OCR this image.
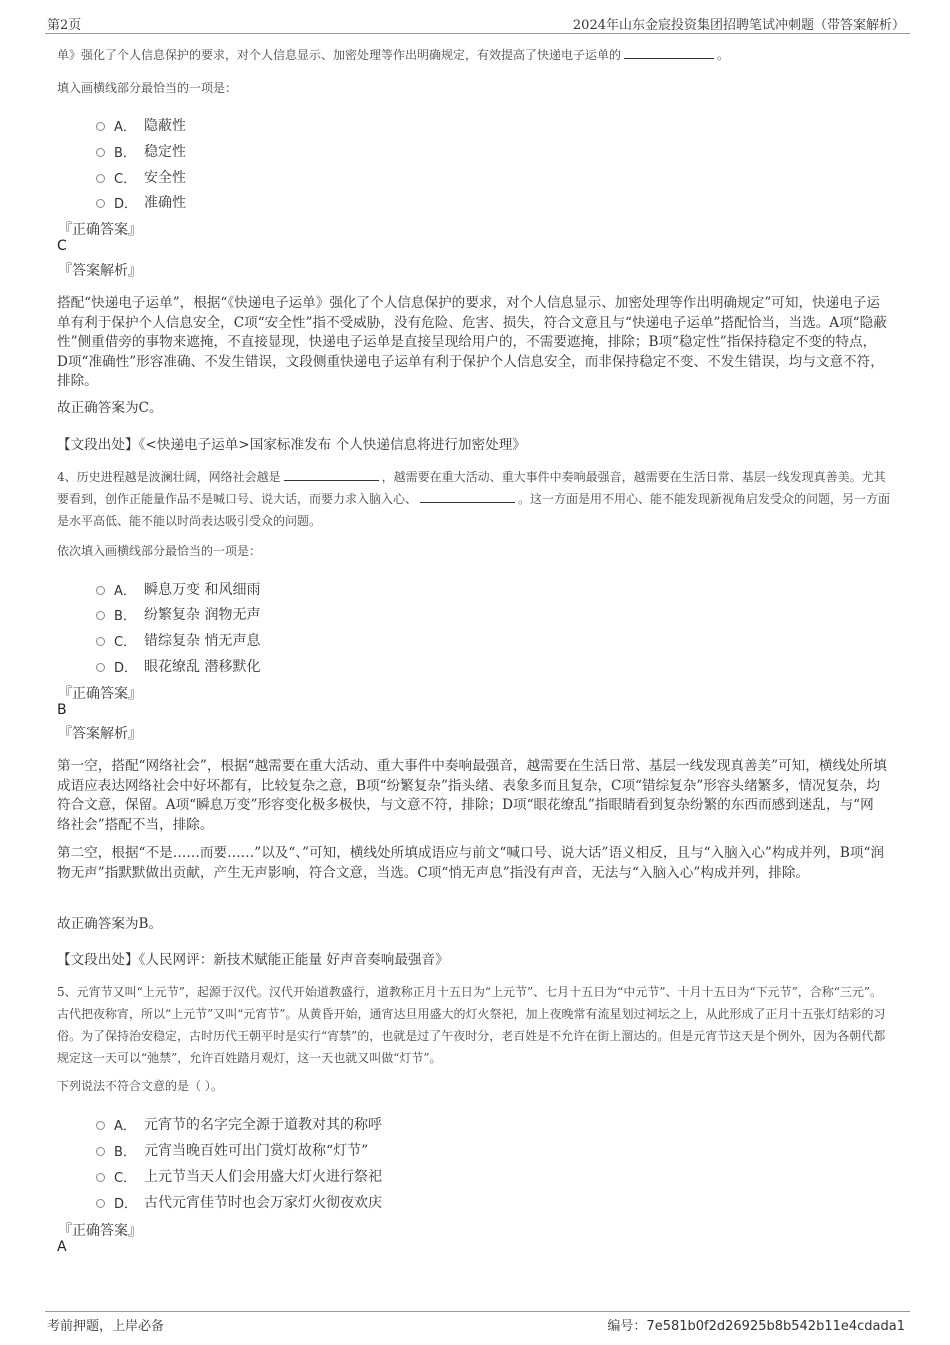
第2页	2024年山东金宸投资集团招聘笔试冲刺题（带答案解析）
单》强化了个人信息保护的要求，对个人信息显示、加密处理等作出明确规定，有效提高了快递电子运单的	。
填入画横线部分最恰当的一项是：
A． 隐蔽性
B． 稳定性
C． 安全性
D． 准确性
『正确答案』
C
『答案解析』
搭配“快递电子运单”，根据“《快递电子运单》强化了个人信息保护的要求，对个人信息显示、加密处理等作出明确规定”可知，快递电子运单有利于保护个人信息安全，C项“安全性”指不受威胁，没有危险、危害、损失，符合文意且与“快递电子运单”搭配恰当，当选。A项“隐蔽性”侧重借旁的事物来遮掩，不直接显现，快递电子运单是直接呈现给用户的，不需要遮掩，排除；B项“稳定性”指保持稳定不变的特点，D项“准确性”形容准确、不发生错误，文段侧重快递电子运单有利于保护个人信息安全，而非保持稳定不变、不发生错误，均与文意不符，排除。
故正确答案为C。
【文段出处】《<快递电子运单>国家标准发布 个人快递信息将进行加密处理》
4、历史进程越是波澜壮阔，网络社会越是	，越需要在重大活动、重大事件中奏响最强音，越需要在生活日常、基层一线发现真善美。尤其要看到，创作正能量作品不是喊口号、说大话，而要力求入脑入心、	。这一方面是用不用心、能不能发现新视角启发受众的问题，另一方面是水平高低、能不能以时尚表达吸引受众的问题。
依次填入画横线部分最恰当的一项是：
A． 瞬息万变 和风细雨
B． 纷繁复杂 润物无声
C． 错综复杂 悄无声息
D． 眼花缭乱 潜移默化
『正确答案』
B
『答案解析』
第一空，搭配“网络社会”，根据“越需要在重大活动、重大事件中奏响最强音，越需要在生活日常、基层一线发现真善美”可知，横线处所填成语应表达网络社会中好坏都有，比较复杂之意，B项“纷繁复杂”指头绪、表象多而且复杂，C项“错综复杂”形容头绪繁多，情况复杂，均符合文意，保留。A项“瞬息万变”形容变化极多极快，与文意不符，排除；D项“眼花缭乱”指眼睛看到复杂纷繁的东西而感到迷乱，与“网络社会”搭配不当，排除。
第二空，根据“不是……而要……”以及“、”可知，横线处所填成语应与前文“喊口号、说大话”语义相反，且与“入脑入心”构成并列，B项“润物无声”指默默做出贡献，产生无声影响，符合文意，当选。C项“悄无声息”指没有声音，无法与“入脑入心”构成并列，排除。
故正确答案为B。
【文段出处】《人民网评：新技术赋能正能量 好声音奏响最强音》
5、元宵节又叫“上元节”，起源于汉代。汉代开始道教盛行，道教称正月十五日为“上元节”、七月十五日为“中元节”、十月十五日为“下元节”，合称“三元”。古代把夜称宵，所以“上元节”又叫“元宵节”。从黄昏开始，通宵达旦用盛大的灯火祭祀，加上夜晚常有流星划过祠坛之上，从此形成了正月十五张灯结彩的习俗。为了保持治安稳定，古时历代王朝平时是实行“宵禁”的，也就是过了午夜时分，老百姓是不允许在街上溜达的。但是元宵节这天是个例外，因为各朝代都规定这一天可以“弛禁”，允许百姓踏月观灯，这一天也就又叫做“灯节”。
下列说法不符合文意的是（ ）。
A． 元宵节的名字完全源于道教对其的称呼
B． 元宵当晚百姓可出门赏灯故称“灯节”
C． 上元节当天人们会用盛大灯火进行祭祀
D． 古代元宵佳节时也会万家灯火彻夜欢庆
『正确答案』
A
考前押题，上岸必备	编号：7e581b0f2d26925b8b542b11e4cdada1
